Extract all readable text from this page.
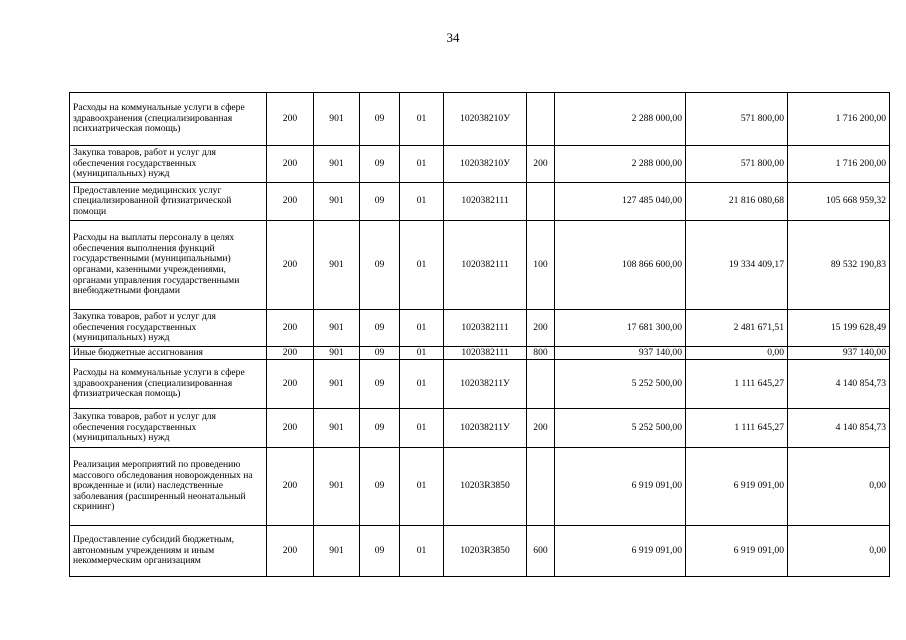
34
Расходы на коммунальные услуги в сфере здравоохранения (специализированная психиатрическая помощь)	200	901	09	01	102038210У		2 288 000,00	571 800,00	1 716 200,00
Закупка товаров, работ и услуг для обеспечения государственных (муниципальных) нужд	200	901	09	01	102038210У	200	2 288 000,00	571 800,00	1 716 200,00
Предоставление медицинских услуг специализированной фтизиатрической помощи	200	901	09	01	1020382111		127 485 040,00	21 816 080,68	105 668 959,32
Расходы на выплаты персоналу в целях обеспечения выполнения функций государственными (муниципальными) органами, казенными учреждениями, органами управления государственными внебюджетными фондами	200	901	09	01	1020382111	100	108 866 600,00	19 334 409,17	89 532 190,83
Закупка товаров, работ и услуг для обеспечения государственных (муниципальных) нужд	200	901	09	01	1020382111	200	17 681 300,00	2 481 671,51	15 199 628,49
Иные бюджетные ассигнования	200	901	09	01	1020382111	800	937 140,00	0,00	937 140,00
Расходы на коммунальные услуги в сфере здравоохранения (специализированная фтизиатрическая помощь)	200	901	09	01	102038211У		5 252 500,00	1 111 645,27	4 140 854,73
Закупка товаров, работ и услуг для обеспечения государственных (муниципальных) нужд	200	901	09	01	102038211У	200	5 252 500,00	1 111 645,27	4 140 854,73
Реализация мероприятий по проведению массового обследования новорожденных на врожденные и (или) наследственные заболевания (расширенный неонатальный скрининг)	200	901	09	01	10203R3850		6 919 091,00	6 919 091,00	0,00
Предоставление субсидий бюджетным, автономным учреждениям и иным некоммерческим организациям	200	901	09	01	10203R3850	600	6 919 091,00	6 919 091,00	0,00
